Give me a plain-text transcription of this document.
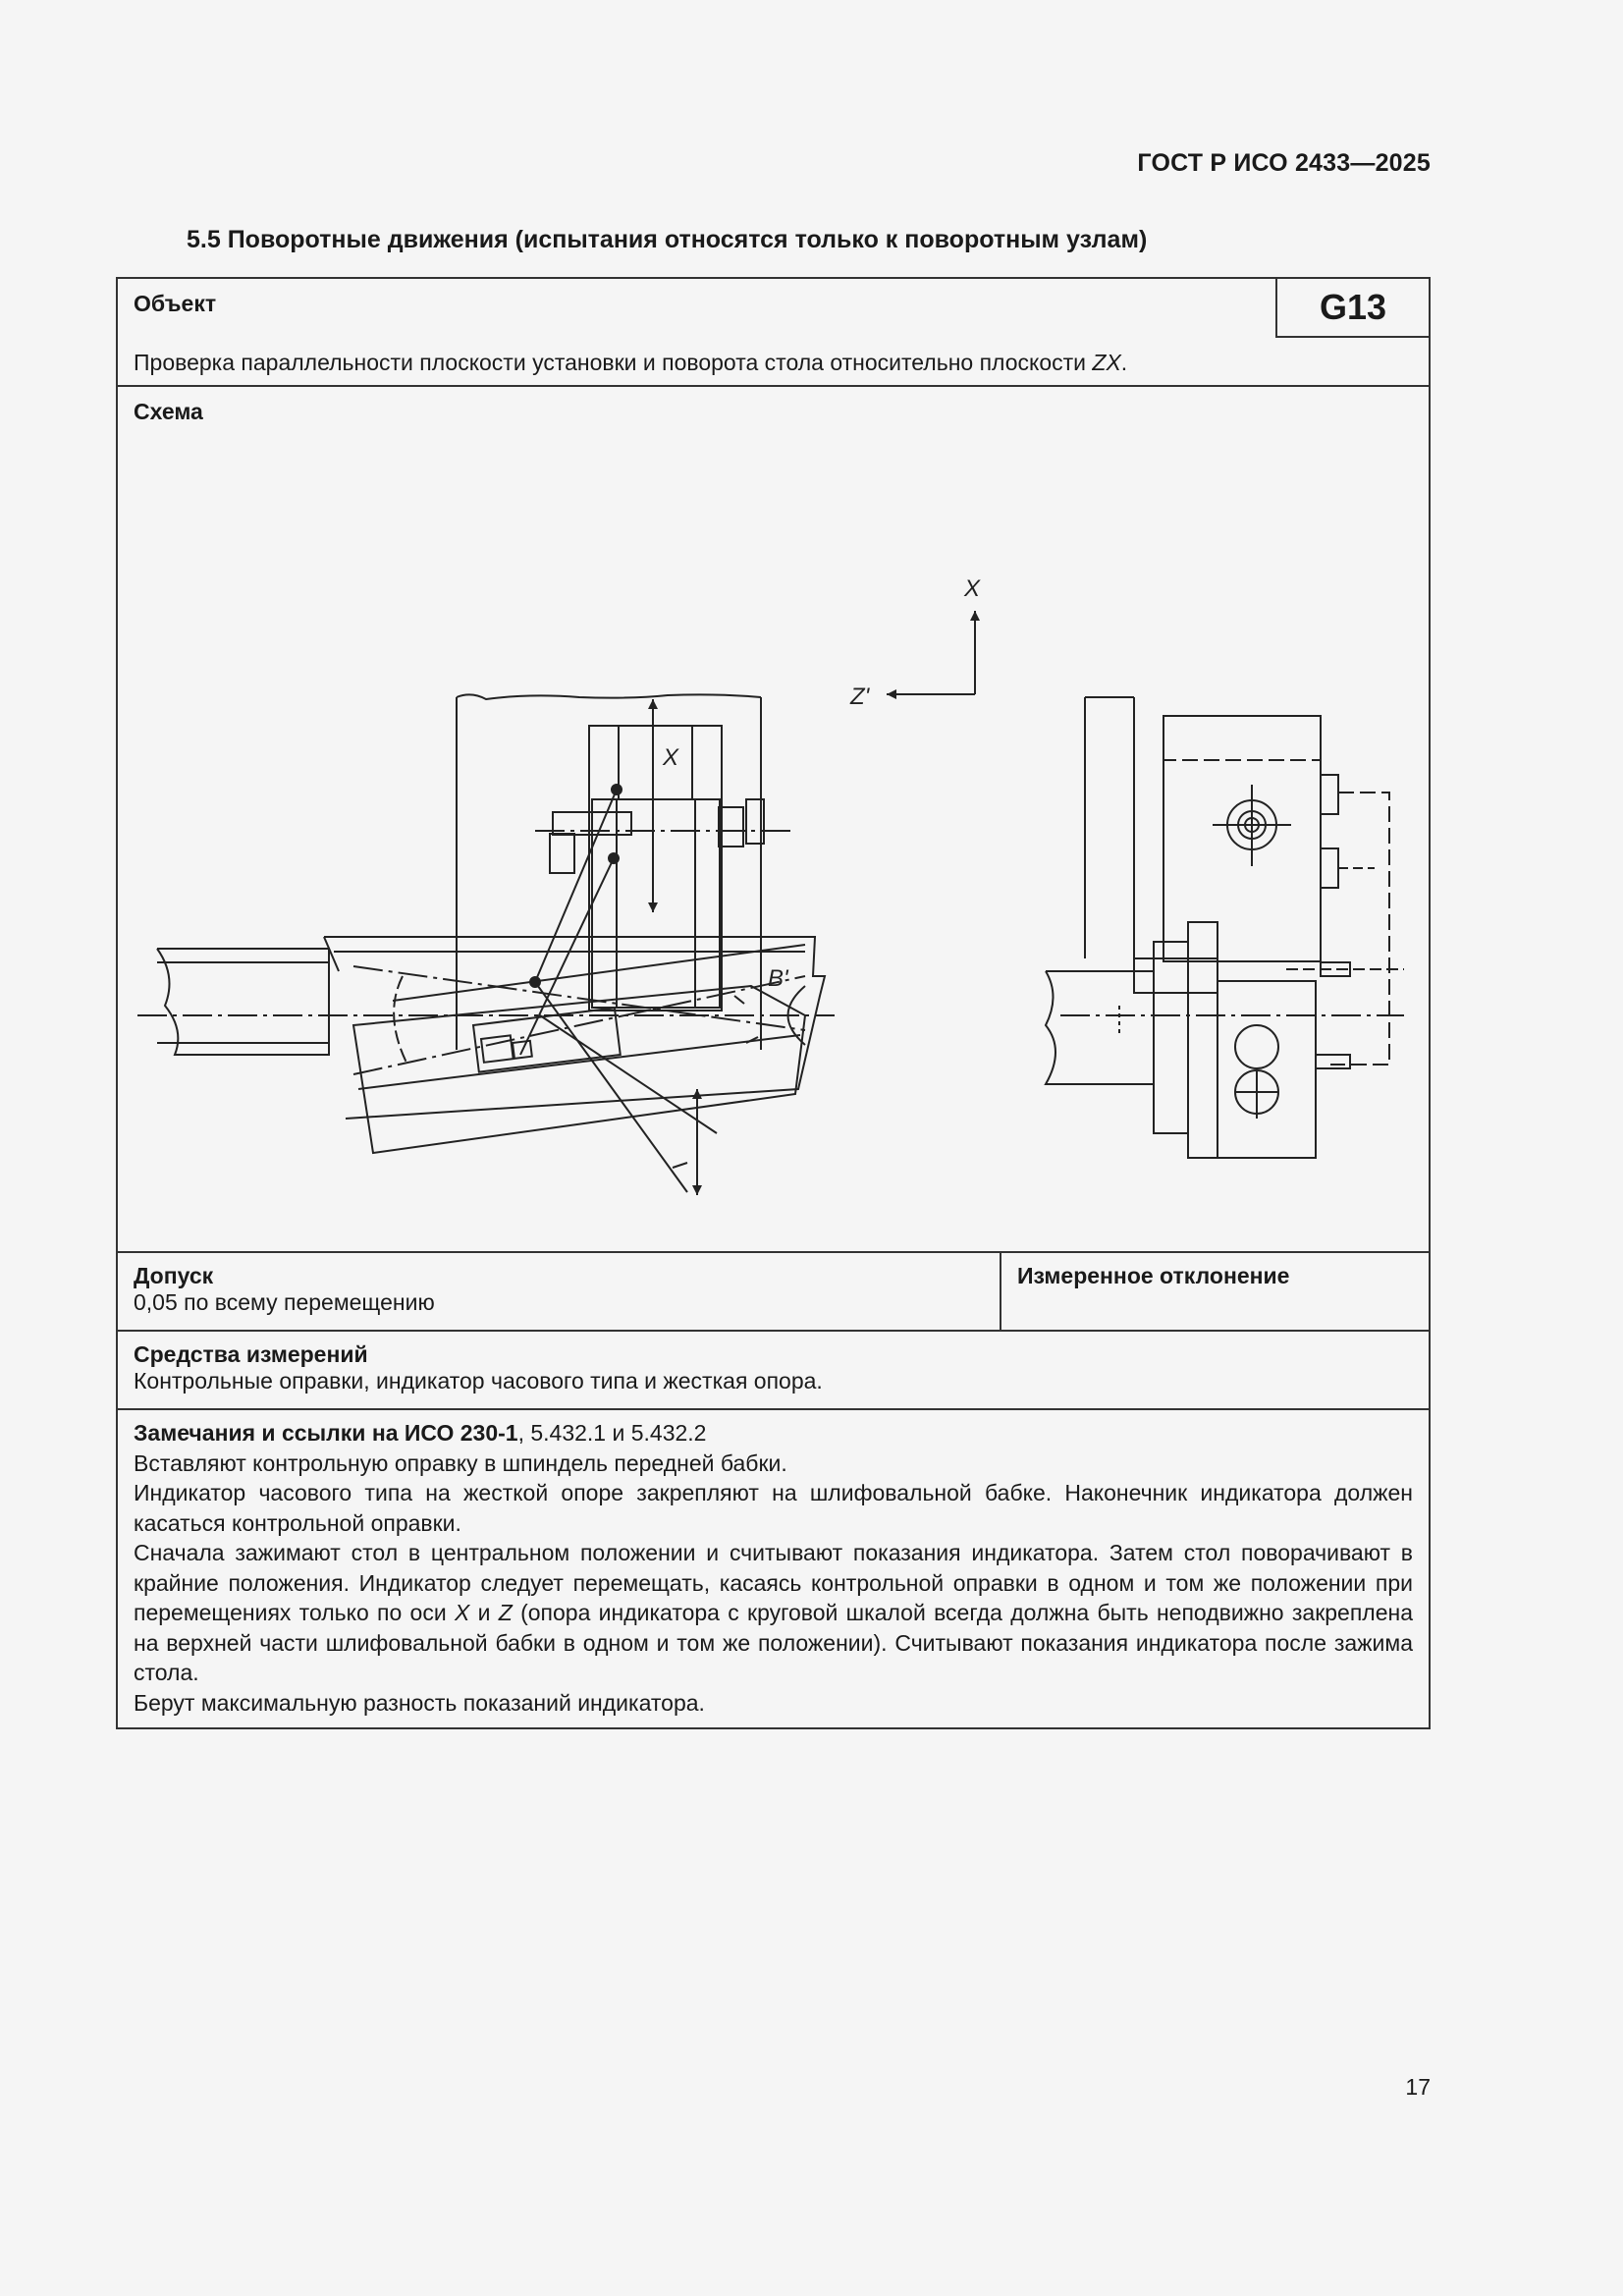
ГОСТ Р ИСО 2433—2025
5.5 Поворотные движения (испытания относятся только к поворотным узлам)
Объект	G13
Проверка параллельности плоскости установки и поворота стола относительно плоскости ZX.
Схема
X
Z'
X
B'
Допуск
0,05 по всему перемещению
Измеренное отклонение
Средства измерений
Контрольные оправки, индикатор часового типа и жесткая опора.

Замечания и ссылки на ИСО 230-1, 5.432.1 и 5.432.2

Вставляют контрольную оправку в шпиндель передней бабки.

Индикатор часового типа на жесткой опоре закрепляют на шлифовальной бабке. Наконечник индикатора должен касаться контрольной оправки.

Сначала зажимают стол в центральном положении и считывают показания индикатора. Затем стол поворачивают в крайние положения. Индикатор следует перемещать, касаясь контрольной оправки в одном и том же положении при перемещениях только по оси X и Z (опора индикатора с круговой шкалой всегда должна быть неподвижно закреплена на верхней части шлифовальной бабки в одном и том же положении). Считывают показания индикатора после зажима стола.

Берут максимальную разность показаний индикатора.

17
